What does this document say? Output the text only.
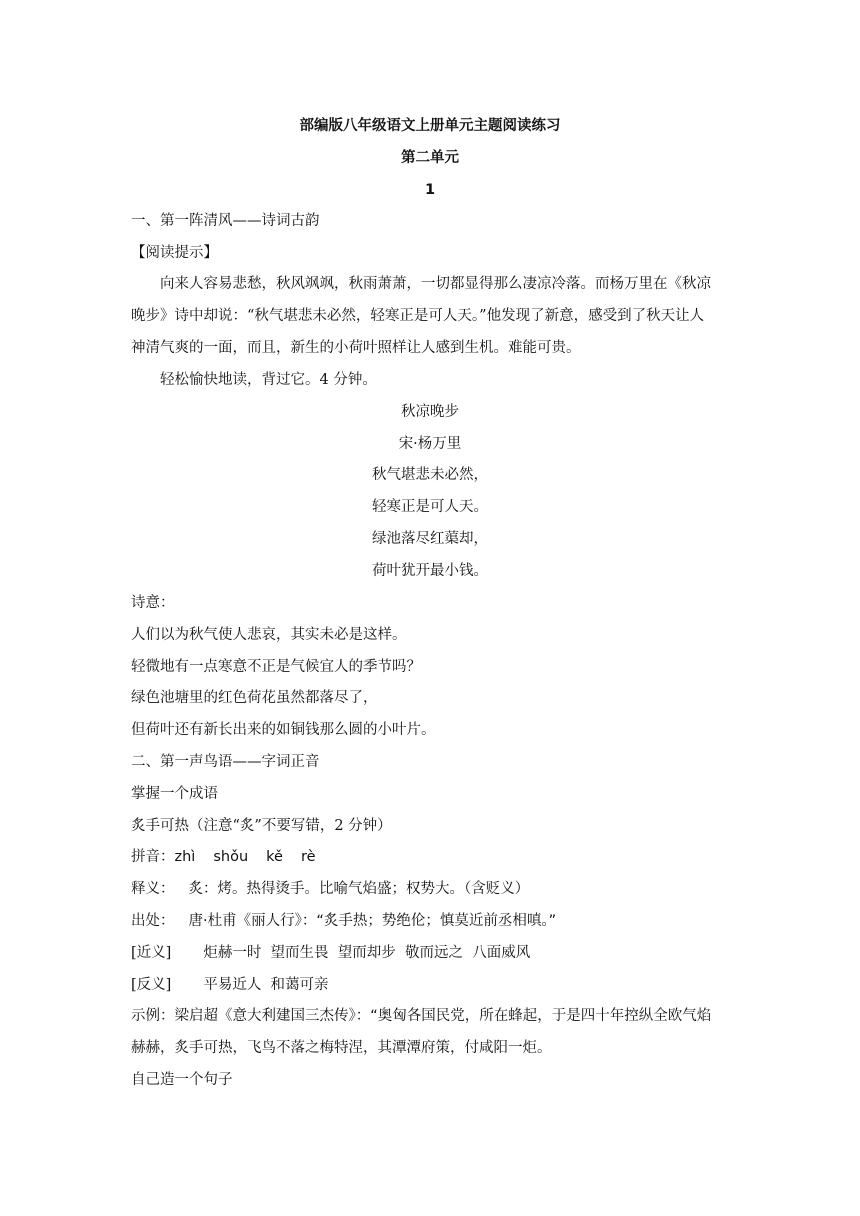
部编版八年级语文上册单元主题阅读练习
第二单元
1
一、第一阵清风——诗词古韵
【阅读提示】
向来人容易悲愁，秋风飒飒，秋雨萧萧，一切都显得那么凄凉冷落。而杨万里在《秋凉
晚步》诗中却说：“秋气堪悲未必然，轻寒正是可人天。”他发现了新意，感受到了秋天让人
神清气爽的一面，而且，新生的小荷叶照样让人感到生机。难能可贵。
轻松愉快地读，背过它。4 分钟。
秋凉晚步
宋·杨万里
秋气堪悲未必然，
轻寒正是可人天。
绿池落尽红蕖却，
荷叶犹开最小钱。
诗意：
人们以为秋气使人悲哀，其实未必是这样。
轻微地有一点寒意不正是气候宜人的季节吗？
绿色池塘里的红色荷花虽然都落尽了，
但荷叶还有新长出来的如铜钱那么圆的小叶片。
二、第一声鸟语——字词正音
掌握一个成语
炙手可热（注意“炙”不要写错，2 分钟）
拼音：zhì shǒu kě rè
释义： 炙：烤。热得烫手。比喻气焰盛；权势大。（含贬义）
出处： 唐·杜甫《丽人行》：“炙手热；势绝伦；慎莫近前丞相嗔。”
[近义] 炬赫一时  望而生畏  望而却步  敬而远之  八面威风
[反义] 平易近人  和蔼可亲
示例：梁启超《意大利建国三杰传》：“奥匈各国民党，所在蜂起，于是四十年控纵全欧气焰
赫赫，炙手可热，飞鸟不落之梅特涅，其潭潭府策，付咸阳一炬。
自己造一个句子
